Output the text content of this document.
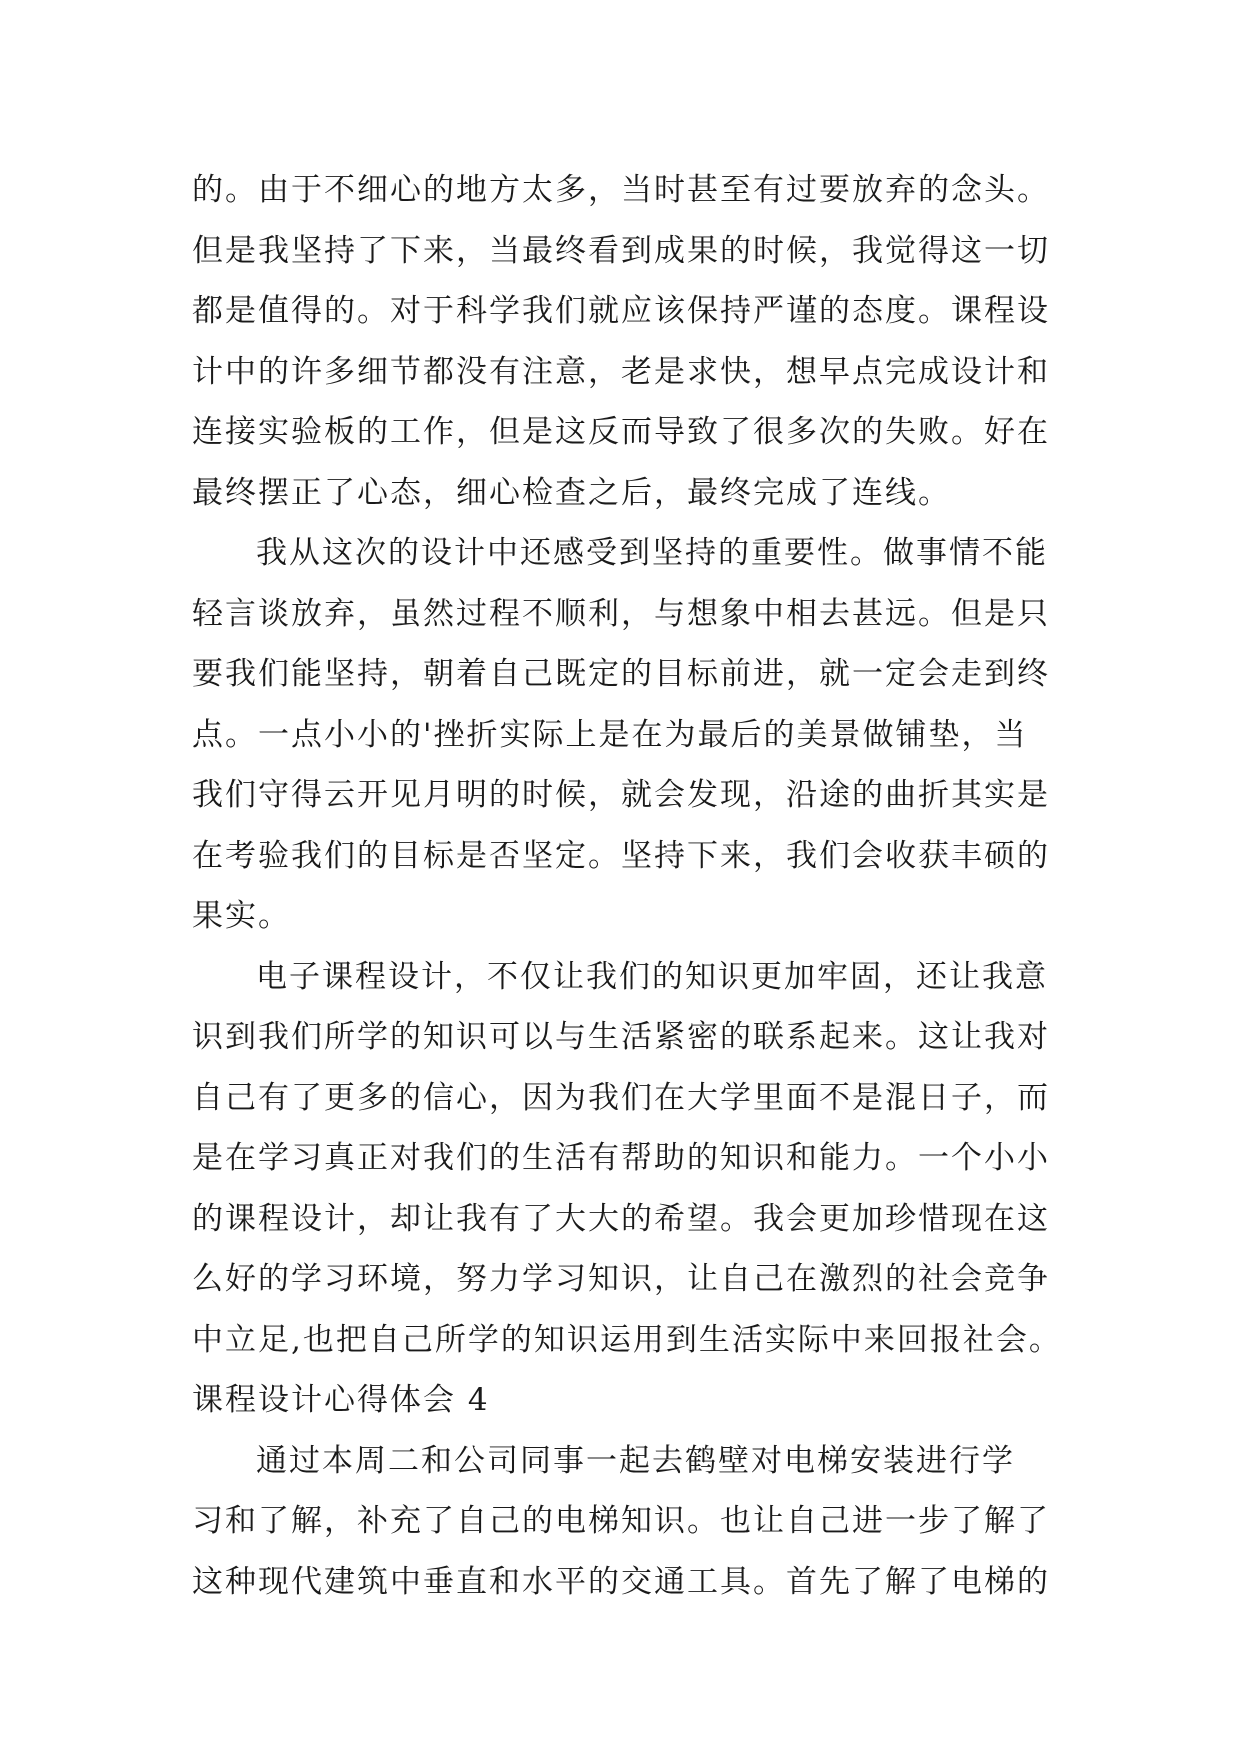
的。由于不细心的地方太多，当时甚至有过要放弃的念头。
但是我坚持了下来，当最终看到成果的时候，我觉得这一切
都是值得的。对于科学我们就应该保持严谨的态度。课程设
计中的许多细节都没有注意，老是求快，想早点完成设计和
连接实验板的工作，但是这反而导致了很多次的失败。好在
最终摆正了心态，细心检查之后，最终完成了连线。
我从这次的设计中还感受到坚持的重要性。做事情不能
轻言谈放弃，虽然过程不顺利，与想象中相去甚远。但是只
要我们能坚持，朝着自己既定的目标前进，就一定会走到终
点。一点小小的'挫折实际上是在为最后的美景做铺垫，当
我们守得云开见月明的时候，就会发现，沿途的曲折其实是
在考验我们的目标是否坚定。坚持下来，我们会收获丰硕的
果实。
电子课程设计，不仅让我们的知识更加牢固，还让我意
识到我们所学的知识可以与生活紧密的联系起来。这让我对
自己有了更多的信心，因为我们在大学里面不是混日子，而
是在学习真正对我们的生活有帮助的知识和能力。一个小小
的课程设计，却让我有了大大的希望。我会更加珍惜现在这
么好的学习环境，努力学习知识，让自己在激烈的社会竞争
中立足,也把自己所学的知识运用到生活实际中来回报社会。
课程设计心得体会 4
通过本周二和公司同事一起去鹤壁对电梯安装进行学
习和了解，补充了自己的电梯知识。也让自己进一步了解了
这种现代建筑中垂直和水平的交通工具。首先了解了电梯的
